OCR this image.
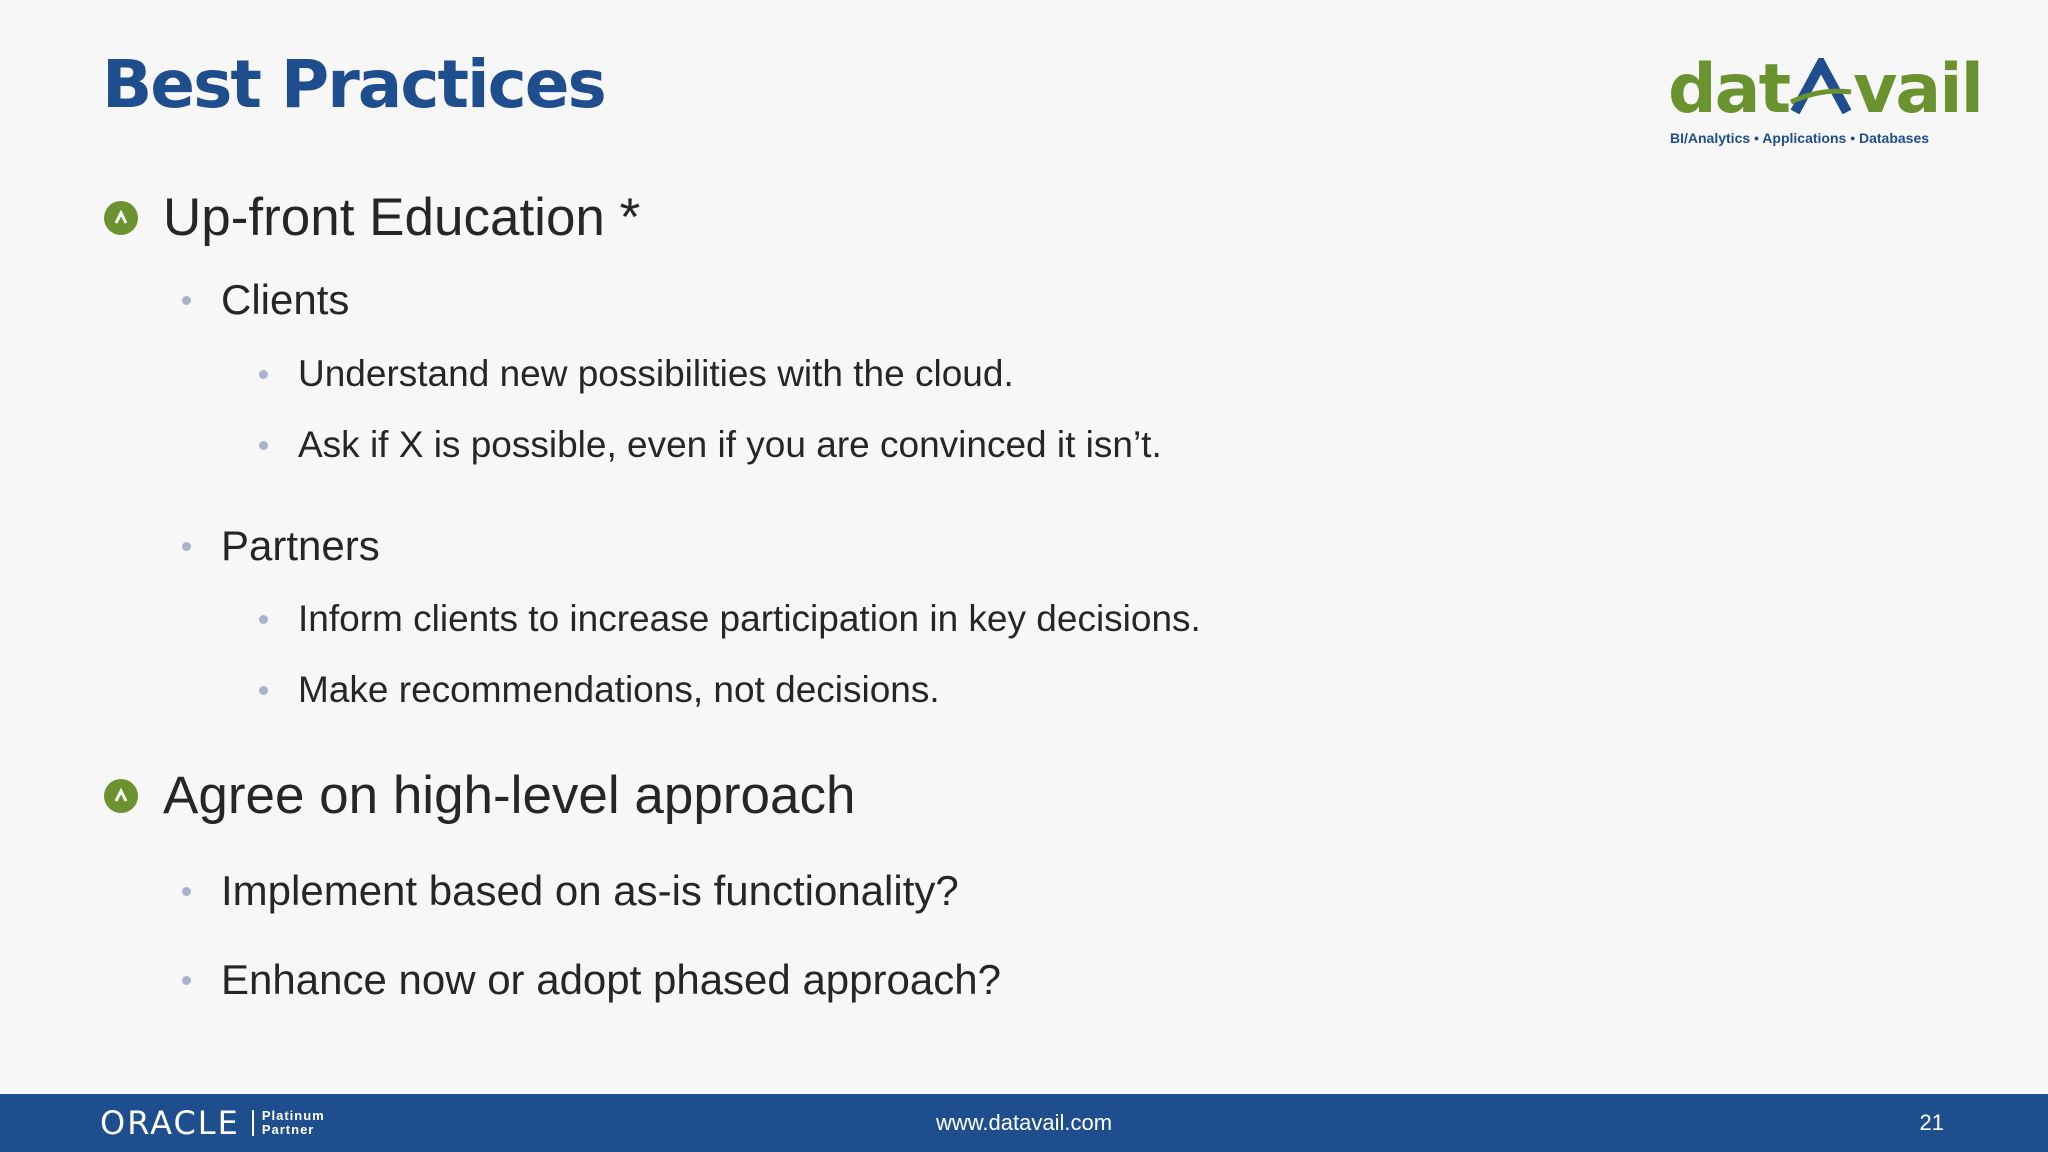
Best Practices	dat vail
BI/Analytics • Applications • Databases
Up-front Education *
Clients
Understand new possibilities with the cloud.
Ask if X is possible, even if you are convinced it isn’t.
Partners
Inform clients to increase participation in key decisions.
Make recommendations, not decisions.
Agree on high-level approach
Implement based on as-is functionality?
Enhance now or adopt phased approach?
ORACLE Platinum
Partner	www.datavail.com	21
